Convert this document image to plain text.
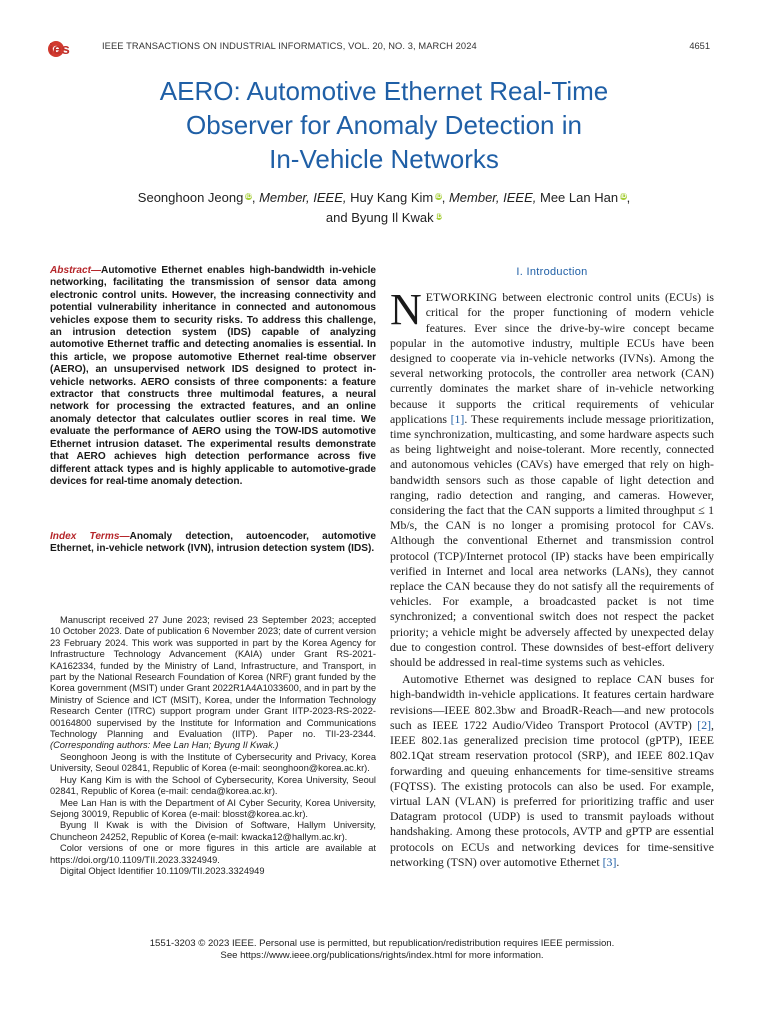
ies	IEEE TRANSACTIONS ON INDUSTRIAL INFORMATICS, VOL. 20, NO. 3, MARCH 2024	4651
AERO: Automotive Ethernet Real-Time
Observer for Anomaly Detection in
In-Vehicle Networks
Seonghoon Jeong $^{iD}$, Member, IEEE, Huy Kang Kim $^{iD}$, Member, IEEE, Mee Lan Han $^{iD}$,
and Byung Il Kwak $^{iD}$
Abstract—Automotive Ethernet enables high-bandwidth in-vehicle networking, facilitating the transmission of sensor data among electronic control units. However, the increasing connectivity and potential vulnerability inheritance in connected and autonomous vehicles expose them to security risks. To address this challenge, an intrusion detection system (IDS) capable of analyzing automotive Ethernet traffic and detecting anomalies is essential. In this article, we propose automotive Ethernet real-time observer (AERO), an unsupervised network IDS designed to protect in-vehicle networks. AERO consists of three components: a feature extractor that constructs three multimodal features, a neural network for processing the extracted features, and an online anomaly detector that calculates outlier scores in real time. We evaluate the performance of AERO using the TOW-IDS automotive Ethernet intrusion dataset. The experimental results demonstrate that AERO achieves high detection performance across five different attack types and is highly applicable to automotive-grade devices for real-time anomaly detection.
Index Terms—Anomaly detection, autoencoder, automotive Ethernet, in-vehicle network (IVN), intrusion detection system (IDS).
Manuscript received 27 June 2023; revised 23 September 2023; accepted 10 October 2023. Date of publication 6 November 2023; date of current version 23 February 2024. This work was supported in part by the Korea Agency for Infrastructure Technology Advancement (KAIA) under Grant RS-2021-KA162334, funded by the Ministry of Land, Infrastructure, and Transport, in part by the National Research Foundation of Korea (NRF) grant funded by the Korea government (MSIT) under Grant 2022R1A4A1033600, and in part by the Ministry of Science and ICT (MSIT), Korea, under the Information Technology Research Center (ITRC) support program under Grant IITP-2023-RS-2022-00164800 supervised by the Institute for Information and Communications Technology Planning and Evaluation (IITP). Paper no. TII-23-2344. (Corresponding authors: Mee Lan Han; Byung Il Kwak.)
Seonghoon Jeong is with the Institute of Cybersecurity and Privacy, Korea University, Seoul 02841, Republic of Korea (e-mail: seonghoon@korea.ac.kr).
Huy Kang Kim is with the School of Cybersecurity, Korea University, Seoul 02841, Republic of Korea (e-mail: cenda@korea.ac.kr).
Mee Lan Han is with the Department of AI Cyber Security, Korea University, Sejong 30019, Republic of Korea (e-mail: blosst@korea.ac.kr).
Byung Il Kwak is with the Division of Software, Hallym University, Chuncheon 24252, Republic of Korea (e-mail: kwacka12@hallym.ac.kr).
Color versions of one or more figures in this article are available at https://doi.org/10.1109/TII.2023.3324949.
Digital Object Identifier 10.1109/TII.2023.3324949
I. Introduction
NETWORKING between electronic control units (ECUs) is critical for the proper functioning of modern vehicle features. Ever since the drive-by-wire concept became popular in the automotive industry, multiple ECUs have been designed to cooperate via in-vehicle networks (IVNs). Among the several networking protocols, the controller area network (CAN) currently dominates the market share of in-vehicle networking because it supports the critical requirements of vehicular applications [1]. These requirements include message prioritization, time synchronization, multicasting, and some hardware aspects such as being lightweight and noise-tolerant. More recently, connected and autonomous vehicles (CAVs) have emerged that rely on high-bandwidth sensors such as those capable of light detection and ranging, radio detection and ranging, and cameras. However, considering the fact that the CAN supports a limited throughput ≤ 1 Mb/s, the CAN is no longer a promising protocol for CAVs. Although the conventional Ethernet and transmission control protocol (TCP)/Internet protocol (IP) stacks have been empirically verified in Internet and local area networks (LANs), they cannot replace the CAN because they do not satisfy all the requirements of vehicles. For example, a broadcasted packet is not time synchronized; a conventional switch does not respect the packet priority; a vehicle might be adversely affected by unexpected delay due to congestion control. These downsides of best-effort delivery should be addressed in real-time systems such as vehicles.
Automotive Ethernet was designed to replace CAN buses for high-bandwidth in-vehicle applications. It features certain hardware revisions—IEEE 802.3bw and BroadR-Reach—and new protocols such as IEEE 1722 Audio/Video Transport Protocol (AVTP) [2], IEEE 802.1as generalized precision time protocol (gPTP), IEEE 802.1Qat stream reservation protocol (SRP), and IEEE 802.1Qav forwarding and queuing enhancements for time-sensitive streams (FQTSS). The existing protocols can also be used. For example, virtual LAN (VLAN) is preferred for prioritizing traffic and user Datagram protocol (UDP) is used to transmit payloads without handshaking. Among these protocols, AVTP and gPTP are essential protocols on ECUs and networking devices for time-sensitive networking (TSN) over automotive Ethernet [3].
1551-3203 © 2023 IEEE. Personal use is permitted, but republication/redistribution requires IEEE permission.
See https://www.ieee.org/publications/rights/index.html for more information.
